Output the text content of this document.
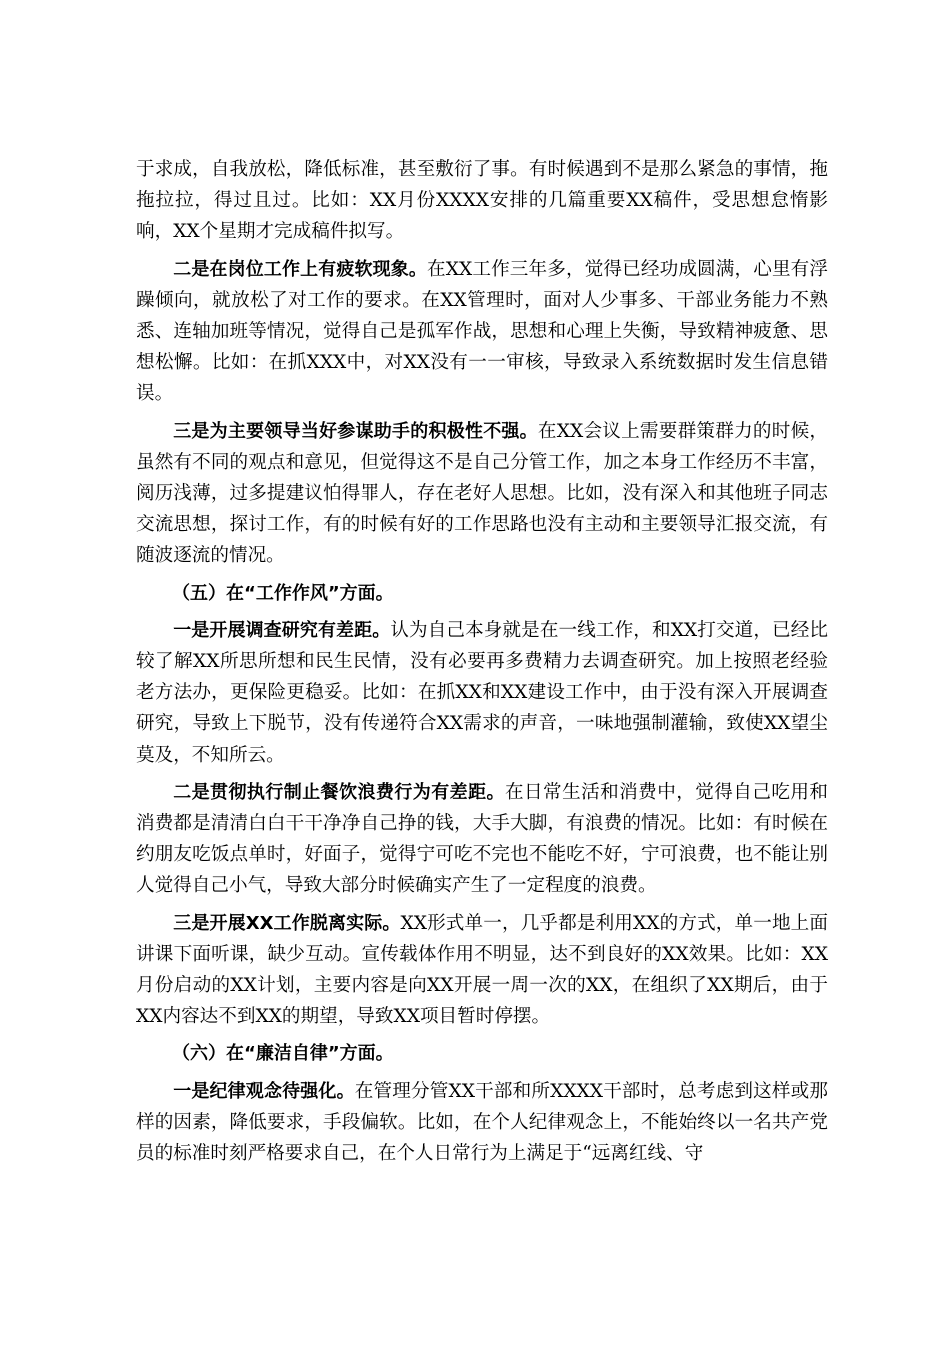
于求成，自我放松，降低标准，甚至敷衍了事。有时候遇到不是那么紧急的事情，拖拖拉拉，得过且过。比如：XX月份XXXX安排的几篇重要XX稿件，受思想怠惰影响，XX个星期才完成稿件拟写。

二是在岗位工作上有疲软现象。在XX工作三年多，觉得已经功成圆满，心里有浮躁倾向，就放松了对工作的要求。在XX管理时，面对人少事多、干部业务能力不熟悉、连轴加班等情况，觉得自己是孤军作战，思想和心理上失衡，导致精神疲惫、思想松懈。比如：在抓XXX中，对XX没有一一审核，导致录入系统数据时发生信息错误。

三是为主要领导当好参谋助手的积极性不强。在XX会议上需要群策群力的时候，虽然有不同的观点和意见，但觉得这不是自己分管工作，加之本身工作经历不丰富，阅历浅薄，过多提建议怕得罪人，存在老好人思想。比如，没有深入和其他班子同志交流思想，探讨工作，有的时候有好的工作思路也没有主动和主要领导汇报交流，有随波逐流的情况。

（五）在“工作作风”方面。

一是开展调查研究有差距。认为自己本身就是在一线工作，和XX打交道，已经比较了解XX所思所想和民生民情，没有必要再多费精力去调查研究。加上按照老经验老方法办，更保险更稳妥。比如：在抓XX和XX建设工作中，由于没有深入开展调查研究，导致上下脱节，没有传递符合XX需求的声音，一味地强制灌输，致使XX望尘莫及，不知所云。

二是贯彻执行制止餐饮浪费行为有差距。在日常生活和消费中，觉得自己吃用和消费都是清清白白干干净净自己挣的钱，大手大脚，有浪费的情况。比如：有时候在约朋友吃饭点单时，好面子，觉得宁可吃不完也不能吃不好，宁可浪费，也不能让别人觉得自己小气，导致大部分时候确实产生了一定程度的浪费。

三是开展XX工作脱离实际。XX形式单一，几乎都是利用XX的方式，单一地上面讲课下面听课，缺少互动。宣传载体作用不明显，达不到良好的XX效果。比如：XX月份启动的XX计划，主要内容是向XX开展一周一次的XX，在组织了XX期后，由于XX内容达不到XX的期望，导致XX项目暂时停摆。

（六）在“廉洁自律”方面。

一是纪律观念待强化。在管理分管XX干部和所XXXX干部时，总考虑到这样或那样的因素，降低要求，手段偏软。比如，在个人纪律观念上，不能始终以一名共产党员的标准时刻严格要求自己，在个人日常行为上满足于“远离红线、守
